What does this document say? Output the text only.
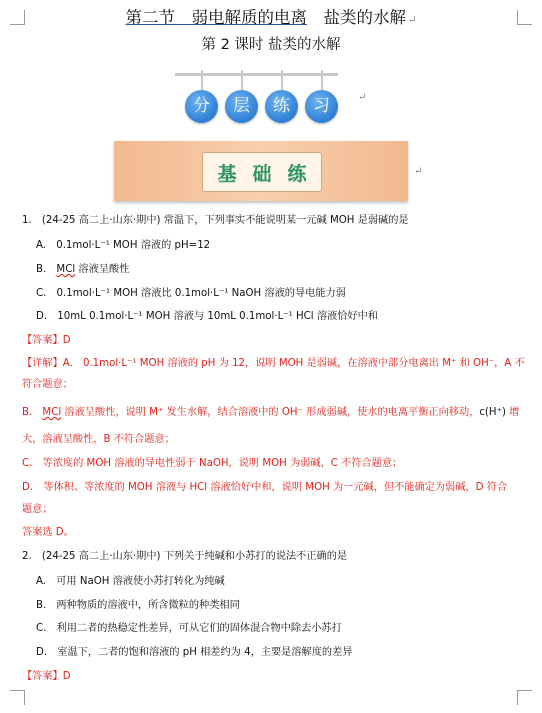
第二节　弱电解质的电离　 盐类的水解 ↵
第 2 课时 盐类的水解
分	层	练	习	↵
基 础 练	↵
1.　(24-25 高二上·山东·期中) 常温下，下列事实不能说明某一元碱 MOH 是弱碱的是
A.　0.1mol·L⁻¹ MOH 溶液的 pH=12
B.　MCl 溶液呈酸性
C.　0.1mol·L⁻¹ MOH 溶液比 0.1mol·L⁻¹ NaOH 溶液的导电能力弱
D.　10mL 0.1mol·L⁻¹ MOH 溶液与 10mL 0.1mol·L⁻¹ HCl 溶液恰好中和
【答案】D
【详解】A.　0.1mol·L⁻¹ MOH 溶液的 pH 为 12，说明 MOH 是弱碱，在溶液中部分电离出 M⁺ 和 OH⁻，A 不
符合题意；
B.　MCl 溶液呈酸性，说明 M⁺ 发生水解，结合溶液中的 OH⁻ 形成弱碱，使水的电离平衡正向移动，c(H⁺) 增
大，溶液呈酸性，B 不符合题意；
C.　等浓度的 MOH 溶液的导电性弱于 NaOH，说明 MOH 为弱碱，C 不符合题意；
D.　等体积、等浓度的 MOH 溶液与 HCl 溶液恰好中和，说明 MOH 为一元碱，但不能确定为弱碱，D 符合
题意；
答案选 D。
2.　(24-25 高二上·山东·期中) 下列关于纯碱和小苏打的说法不正确的是
A.　可用 NaOH 溶液使小苏打转化为纯碱
B.　两种物质的溶液中，所含微粒的种类相同
C.　利用二者的热稳定性差异，可从它们的固体混合物中除去小苏打
D.　室温下，二者的饱和溶液的 pH 相差约为 4，主要是溶解度的差异
【答案】D
